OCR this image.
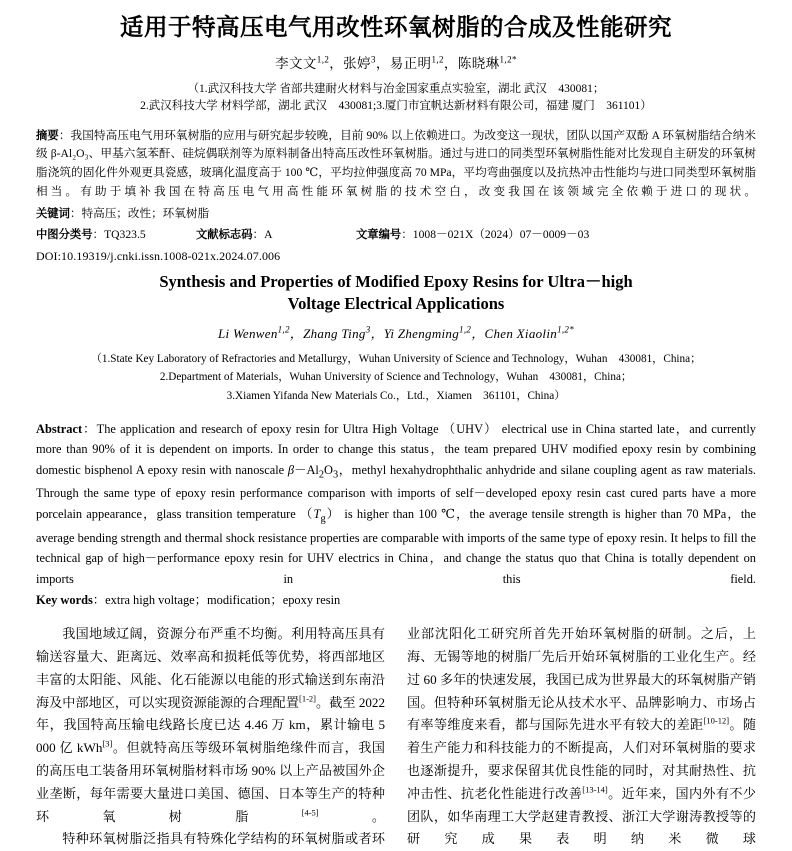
适用于特高压电气用改性环氧树脂的合成及性能研究
李文文$^{1,2}$，张婷$^3$，易正明$^{1,2}$，陈晓琳$^{1,2*}$
（1.武汉科技大学 省部共建耐火材料与冶金国家重点实验室，湖北 武汉　430081；
2.武汉科技大学 材料学部，湖北 武汉　430081;3.厦门市宜帆达新材料有限公司，福建 厦门　361101）
摘要：我国特高压电气用环氧树脂的应用与研究起步较晚，目前 90% 以上依赖进口。为改变这一现状，团队以国产双酚 A 环氧树脂结合纳米级 β-Al₂O₃、甲基六氢苯酐、硅烷偶联剂等为原料制备出特高压改性环氧树脂。通过与进口的同类型环氧树脂性能对比发现自主研发的环氧树脂浇筑的固化件外观更具瓷感，玻璃化温度高于 100 ℃，平均拉伸强度高 70 MPa，平均弯曲强度以及抗热冲击性能均与进口同类型环氧树脂相当。有助于填补我国在特高压电气用高性能环氧树脂的技术空白，改变我国在该领域完全依赖于进口的现状。
关键词：特高压；改性；环氧树脂
中图分类号：TQ323.5	文献标志码：A	文章编号：1008－021X（2024）07－0009－03
DOI:10.19319/j.cnki.issn.1008-021x.2024.07.006
Synthesis and Properties of Modified Epoxy Resins for Ultra－high
Voltage Electrical Applications
Li Wenwen$^{1,2}$，Zhang Ting$^3$，Yi Zhengming$^{1,2}$，Chen Xiaolin$^{1,2*}$
（1.State Key Laboratory of Refractories and Metallurgy，Wuhan University of Science and Technology，Wuhan　430081，China；
2.Department of Materials，Wuhan University of Science and Technology，Wuhan　430081，China；
3.Xiamen Yifanda New Materials Co.，Ltd.，Xiamen　361101，China）
Abstract：The application and research of epoxy resin for Ultra High Voltage （UHV） electrical use in China started late，and currently more than 90% of it is dependent on imports. In order to change this status，the team prepared UHV modified epoxy resin by combining domestic bisphenol A epoxy resin with nanoscale $\beta-Al_2O_3$，methyl hexahydrophthalic anhydride and silane coupling agent as raw materials. Through the same type of epoxy resin performance comparison with imports of self－developed epoxy resin cast cured parts have a more porcelain appearance，glass transition temperature $(T_g)$ is higher than 100 ℃，the average tensile strength is higher than 70 MPa，the average bending strength and thermal shock resistance properties are comparable with imports of the same type of epoxy resin. It helps to fill the technical gap of high－performance epoxy resin for UHV electrics in China，and change the status quo that China is totally dependent on imports in this field.
Key words：extra high voltage；modification；epoxy resin

我国地域辽阔，资源分布严重不均衡。利用特高压具有输送容量大、距离远、效率高和损耗低等优势，将西部地区丰富的太阳能、风能、化石能源以电能的形式输送到东南沿海及中部地区，可以实现资源能源的合理配置[1-2]。截至 2022 年，我国特高压输电线路长度已达 4.46 万 km，累计输电 5 000 亿 kWh[3]。但就特高压等级环氧树脂绝缘件而言，我国的高压电工装备用环氧树脂材料市场 90% 以上产品被国外企业垄断，每年需要大量进口美国、德国、日本等生产的特种环氧树脂[4-5]。

特种环氧树脂泛指具有特殊化学结构的环氧树脂或者环

业部沈阳化工研究所首先开始环氧树脂的研制。之后，上海、无锡等地的树脂厂先后开始环氧树脂的工业化生产。经过 60 多年的快速发展，我国已成为世界最大的环氧树脂产销国。但特种环氧树脂无论从技术水平、品牌影响力、市场占有率等维度来看，都与国际先进水平有较大的差距[10-12]。随着生产能力和科技能力的不断提高，人们对环氧树脂的要求也逐渐提升，要求保留其优良性能的同时，对其耐热性、抗冲击性、抗老化性能进行改善[13-14]。近年来，国内外有不少团队，如华南理工大学赵建青教授、浙江大学谢涛教授等的研究成果表明纳米微球
